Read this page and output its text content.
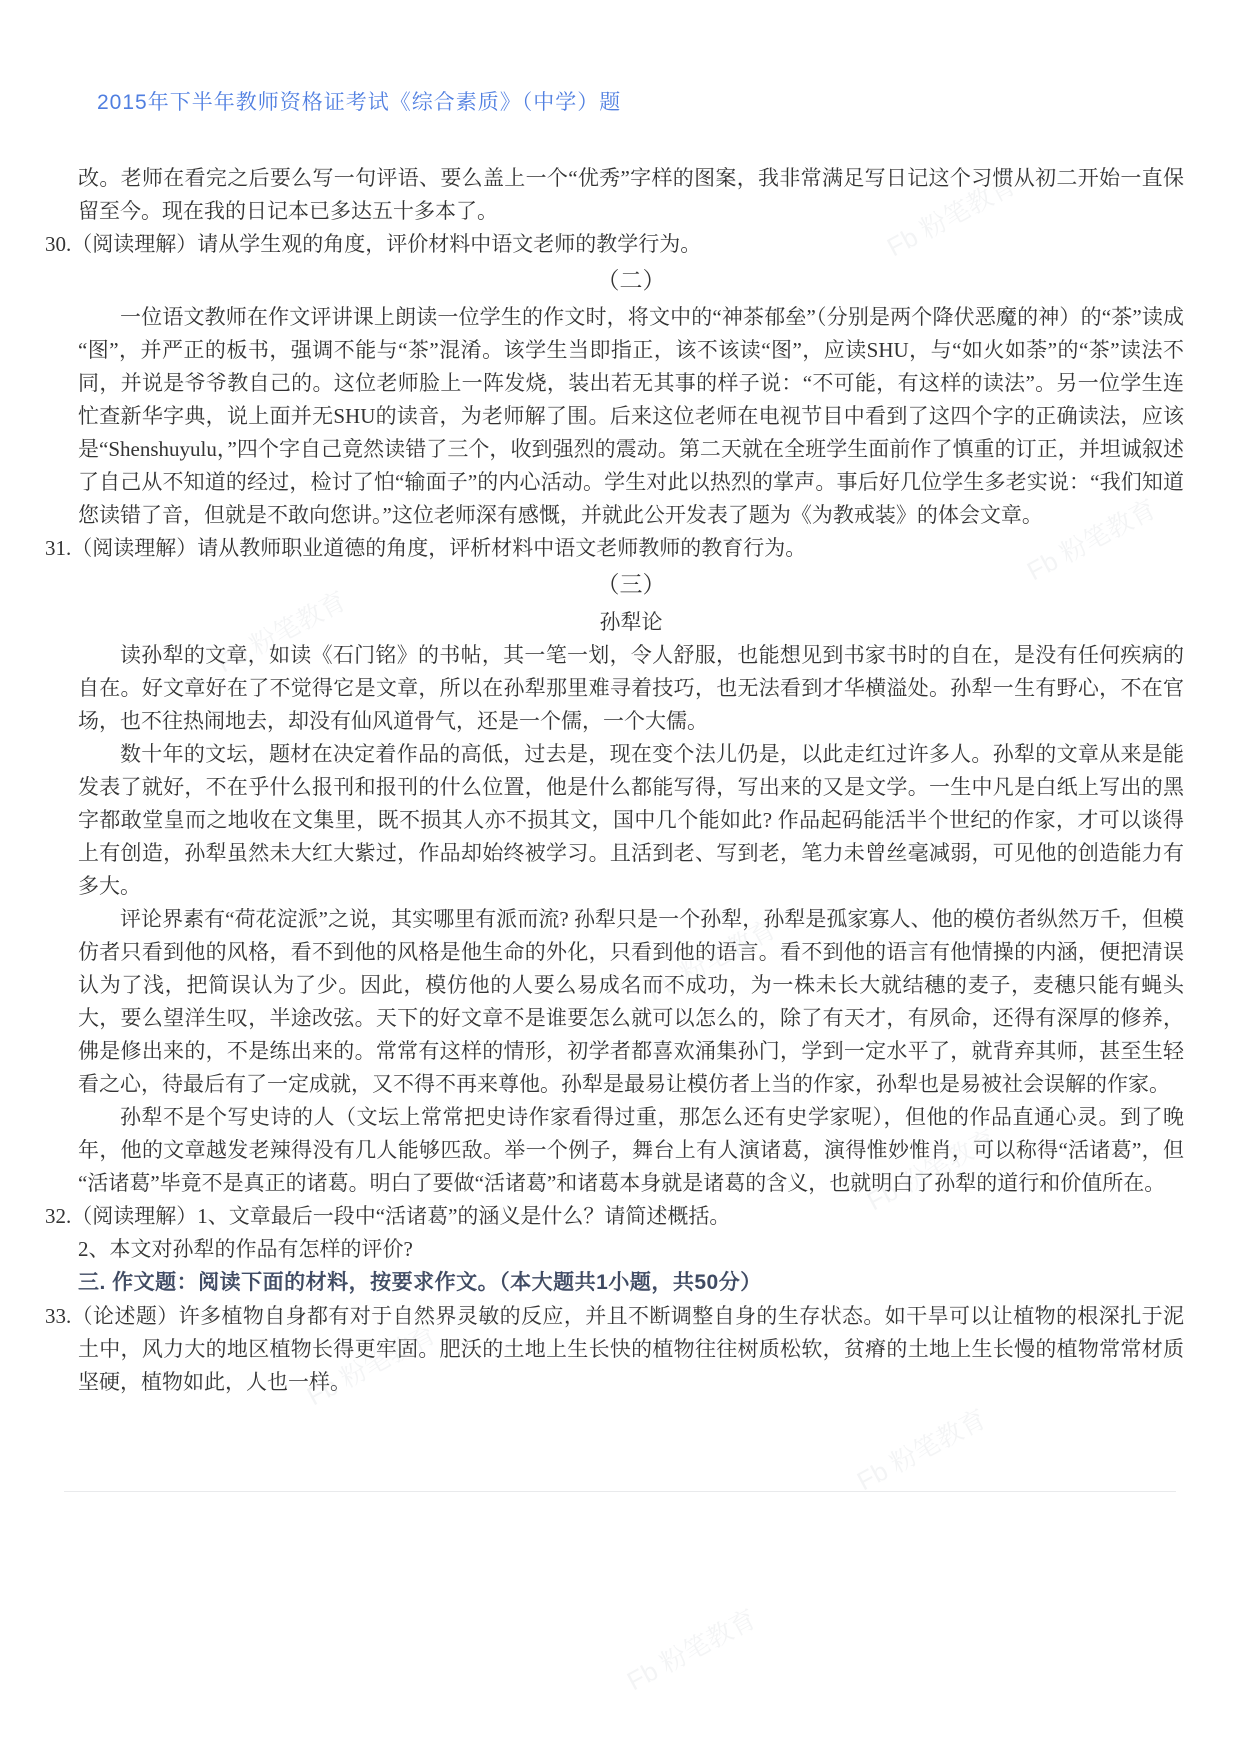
Fb 粉笔教育
Fb 粉笔教育
Fb 粉笔教育
Fb 粉笔教育
Fb 粉笔教育
Fb 粉笔教育
Fb 粉笔教育
Fb 粉笔教育
2015年下半年教师资格证考试《综合素质》（中学）题

改。老师在看完之后要么写一句评语、要么盖上一个“优秀”字样的图案，我非常满足写日记这个习惯从初二开始一直保留至今。现在我的日记本已多达五十多本了。

30.（阅读理解）请从学生观的角度，评价材料中语文老师的教学行为。

（二）

一位语文教师在作文评讲课上朗读一位学生的作文时，将文中的“神茶郁垒”（分别是两个降伏恶魔的神）的“茶”读成“图”，并严正的板书，强调不能与“茶”混淆。该学生当即指正，该不该读“图”，应读SHU，与“如火如荼”的“茶”读法不同，并说是爷爷教自己的。这位老师脸上一阵发烧，装出若无其事的样子说：“不可能，有这样的读法”。另一位学生连忙查新华字典，说上面并无SHU的读音，为老师解了围。后来这位老师在电视节目中看到了这四个字的正确读法，应该是“Shenshuyulu，”四个字自己竟然读错了三个，收到强烈的震动。第二天就在全班学生面前作了慎重的订正，并坦诚叙述了自己从不知道的经过，检讨了怕“输面子”的内心活动。学生对此以热烈的掌声。事后好几位学生多老实说：“我们知道您读错了音，但就是不敢向您讲。”这位老师深有感慨，并就此公开发表了题为《为教戒装》的体会文章。

31.（阅读理解）请从教师职业道德的角度，评析材料中语文老师教师的教育行为。

（三）

孙犁论

读孙犁的文章，如读《石门铭》的书帖，其一笔一划，令人舒服，也能想见到书家书时的自在，是没有任何疾病的自在。好文章好在了不觉得它是文章，所以在孙犁那里难寻着技巧，也无法看到才华横溢处。孙犁一生有野心，不在官场，也不往热闹地去，却没有仙风道骨气，还是一个儒，一个大儒。

数十年的文坛，题材在决定着作品的高低，过去是，现在变个法儿仍是，以此走红过许多人。孙犁的文章从来是能发表了就好，不在乎什么报刊和报刊的什么位置，他是什么都能写得，写出来的又是文学。一生中凡是白纸上写出的黑字都敢堂皇而之地收在文集里，既不损其人亦不损其文，国中几个能如此? 作品起码能活半个世纪的作家，才可以谈得上有创造，孙犁虽然未大红大紫过，作品却始终被学习。且活到老、写到老，笔力未曾丝毫减弱，可见他的创造能力有多大。

评论界素有“荷花淀派”之说，其实哪里有派而流? 孙犁只是一个孙犁，孙犁是孤家寡人、他的模仿者纵然万千，但模仿者只看到他的风格，看不到他的风格是他生命的外化，只看到他的语言。看不到他的语言有他情操的内涵，便把清误认为了浅，把简误认为了少。因此，模仿他的人要么易成名而不成功，为一株未长大就结穗的麦子，麦穗只能有蝇头大，要么望洋生叹，半途改弦。天下的好文章不是谁要怎么就可以怎么的，除了有天才，有夙命，还得有深厚的修养，佛是修出来的，不是练出来的。常常有这样的情形，初学者都喜欢涌集孙门，学到一定水平了，就背弃其师，甚至生轻看之心，待最后有了一定成就，又不得不再来尊他。孙犁是最易让模仿者上当的作家，孙犁也是易被社会误解的作家。

孙犁不是个写史诗的人（文坛上常常把史诗作家看得过重，那怎么还有史学家呢），但他的作品直通心灵。到了晚年，他的文章越发老辣得没有几人能够匹敌。举一个例子，舞台上有人演诸葛，演得惟妙惟肖，可以称得“活诸葛”，但“活诸葛”毕竟不是真正的诸葛。明白了要做“活诸葛”和诸葛本身就是诸葛的含义，也就明白了孙犁的道行和价值所在。

32.（阅读理解）1、文章最后一段中“活诸葛”的涵义是什么？请简述概括。

2、本文对孙犁的作品有怎样的评价?

三. 作文题：阅读下面的材料，按要求作文。（本大题共1小题，共50分）

33.（论述题）许多植物自身都有对于自然界灵敏的反应，并且不断调整自身的生存状态。如干旱可以让植物的根深扎于泥土中，风力大的地区植物长得更牢固。肥沃的土地上生长快的植物往往树质松软，贫瘠的土地上生长慢的植物常常材质坚硬，植物如此，人也一样。
